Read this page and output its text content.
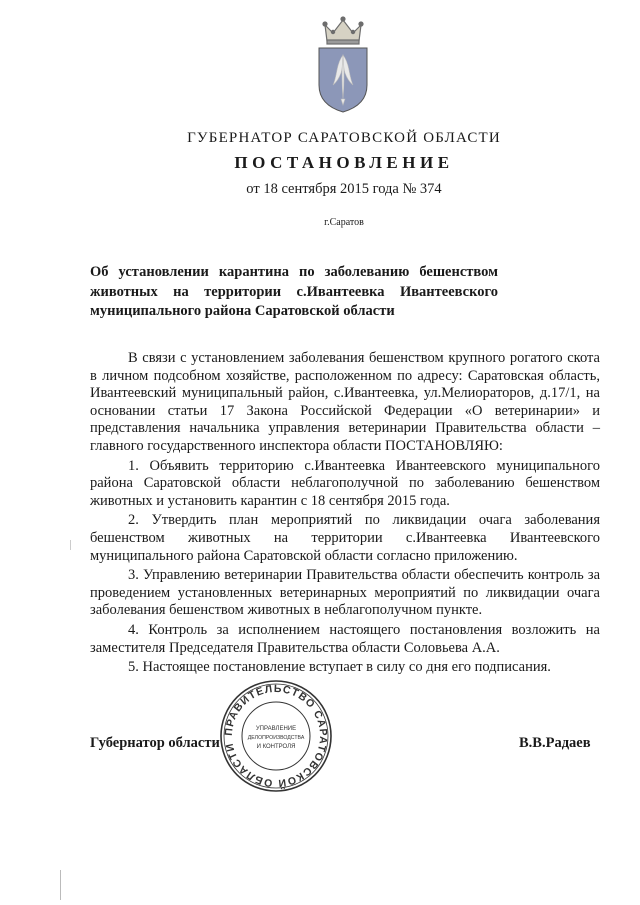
ГУБЕРНАТОР САРАТОВСКОЙ ОБЛАСТИ
ПОСТАНОВЛЕНИЕ
от 18 сентября 2015 года № 374
г.Саратов
Об установлении карантина по заболеванию бешенством
животных на территории с.Ивантеевка Ивантеевского
муниципального района Саратовской области

В связи с установлением заболевания бешенством крупного рогатого скота в личном подсобном хозяйстве, расположенном по адресу: Саратовская область, Ивантеевский муниципальный район, с.Ивантеевка, ул.Мелиораторов, д.17/1, на основании статьи 17 Закона Российской Федерации «О ветеринарии» и представления начальника управления ветеринарии Правительства области – главного государственного инспектора области ПОСТАНОВЛЯЮ:

1. Объявить территорию с.Ивантеевка Ивантеевского муниципального района Саратовской области неблагополучной по заболеванию бешенством животных и установить карантин с 18 сентября 2015 года.

2. Утвердить план мероприятий по ликвидации очага заболевания бешенством животных на территории с.Ивантеевка Ивантеевского муниципального района Саратовской области согласно приложению.

3. Управлению ветеринарии Правительства области обеспечить контроль за проведением установленных ветеринарных мероприятий по ликвидации очага заболевания бешенством животных в неблагополучном пункте.

4. Контроль за исполнением настоящего постановления возложить на заместителя Председателя Правительства области Соловьева А.А.

5. Настоящее постановление вступает в силу со дня его подписания.

Губернатор области	В.В.Радаев
ПРАВИТЕЛЬСТВО САРАТОВСКОЙ ОБЛАСТИ
УПРАВЛЕНИЕ
ДЕЛОПРОИЗВОДСТВА
И КОНТРОЛЯ
